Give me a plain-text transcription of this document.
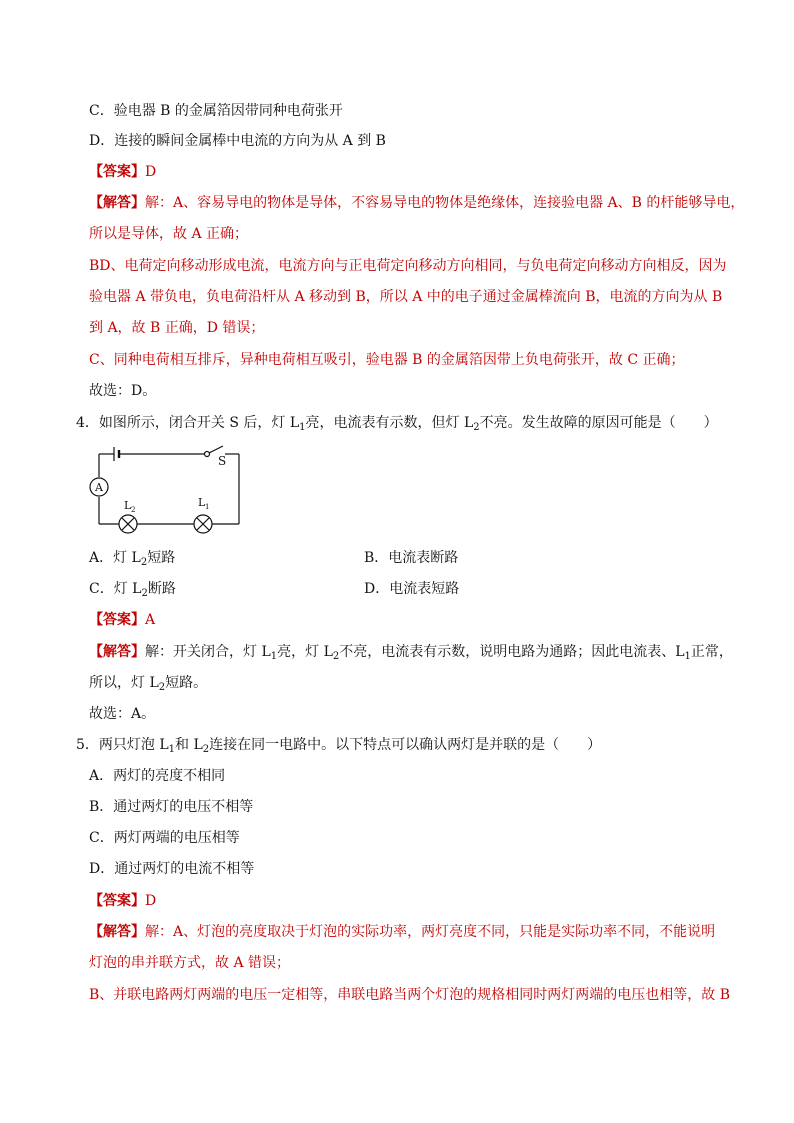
C．验电器 B 的金属箔因带同种电荷张开
D．连接的瞬间金属棒中电流的方向为从 A 到 B
【答案】D
【解答】解：A、容易导电的物体是导体，不容易导电的物体是绝缘体，连接验电器 A、B 的杆能够导电，
所以是导体，故 A 正确；
BD、电荷定向移动形成电流，电流方向与正电荷定向移动方向相同，与负电荷定向移动方向相反，因为
验电器 A 带负电，负电荷沿杆从 A 移动到 B，所以 A 中的电子通过金属棒流向 B，电流的方向为从 B
到 A，故 B 正确，D 错误；
C、同种电荷相互排斥，异种电荷相互吸引，验电器 B 的金属箔因带上负电荷张开，故 C 正确；
故选：D。
4．如图所示，闭合开关 S 后，灯 $L_1$亮，电流表有示数，但灯 $L_2$不亮。发生故障的原因可能是（　　）
S
A
L 2
L 1
A．灯 $L_2$短路	B．电流表断路
C．灯 $L_2$断路	D．电流表短路
【答案】A
【解答】解：开关闭合，灯 $L_1$亮，灯 $L_2$不亮，电流表有示数，说明电路为通路；因此电流表、$L_1$正常，
所以，灯 $L_2$短路。
故选：A。
5．两只灯泡 $L_1$和 $L_2$连接在同一电路中。以下特点可以确认两灯是并联的是（　　）
A．两灯的亮度不相同
B．通过两灯的电压不相等
C．两灯两端的电压相等
D．通过两灯的电流不相等
【答案】D
【解答】解：A、灯泡的亮度取决于灯泡的实际功率，两灯亮度不同，只能是实际功率不同，不能说明
灯泡的串并联方式，故 A 错误；
B、并联电路两灯两端的电压一定相等，串联电路当两个灯泡的规格相同时两灯两端的电压也相等，故 B
